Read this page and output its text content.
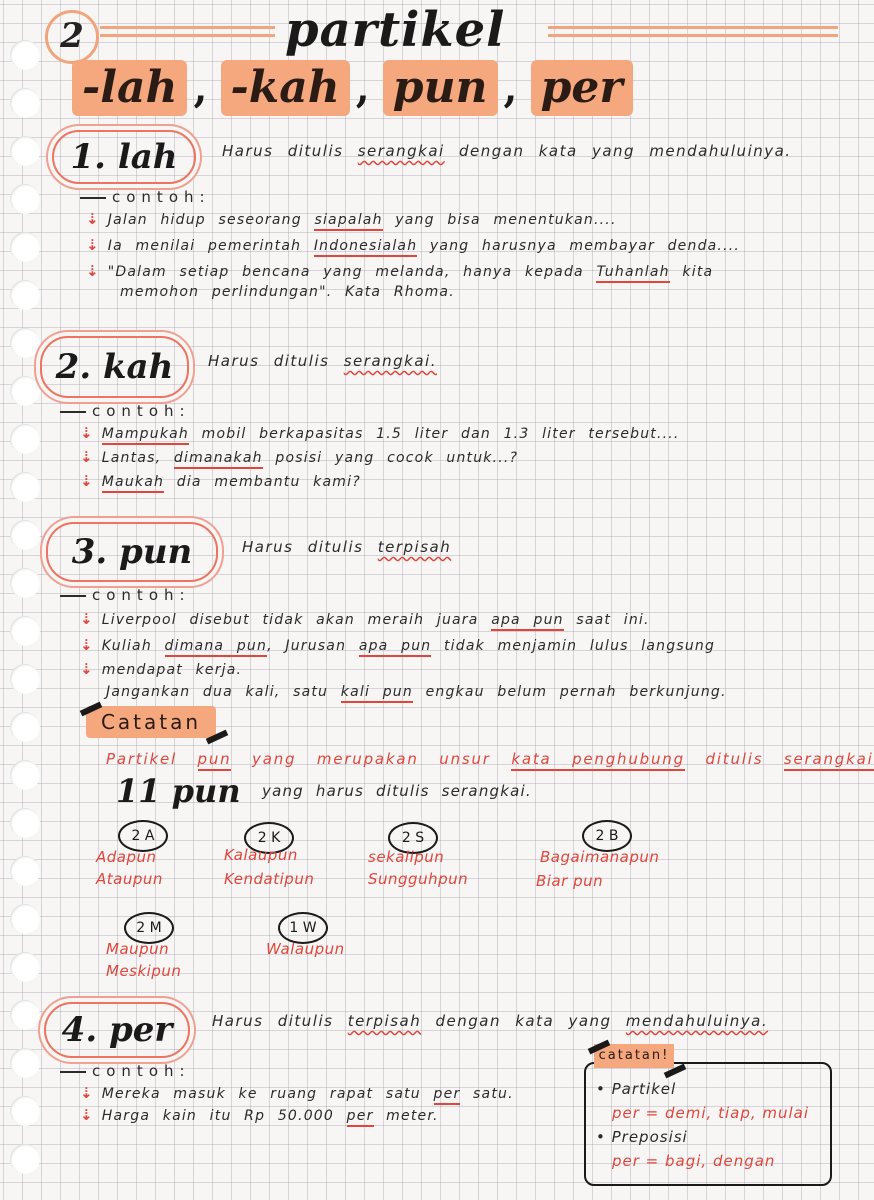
2	partikel
-lah , -kah , pun , per
1. lah	Harus ditulis serangkai dengan kata yang mendahuluinya.
contoh:
⇣ Jalan hidup seseorang siapalah yang bisa menentukan....
⇣ Ia menilai pemerintah Indonesialah yang harusnya membayar denda....
⇣ "Dalam setiap bencana yang melanda, hanya kepada Tuhanlah kita
memohon perlindungan". Kata Rhoma.
2. kah	Harus ditulis serangkai.
contoh:
⇣ Mampukah mobil berkapasitas 1.5 liter dan 1.3 liter tersebut....
⇣ Lantas, dimanakah posisi yang cocok untuk...?
⇣ Maukah dia membantu kami?
3. pun	Harus ditulis terpisah
contoh:
⇣ Liverpool disebut tidak akan meraih juara apa pun saat ini.
⇣ Kuliah dimana pun, Jurusan apa pun tidak menjamin lulus langsung
⇣ mendapat kerja.
Jangankan dua kali, satu kali pun engkau belum pernah berkunjung.
Catatan
Partikel pun yang merupakan unsur kata penghubung ditulis serangkai
11 pun yang harus ditulis serangkai.
2 A
Adapun
Ataupun
2 K
Kalaupun
Kendatipun
2 S
sekalipun
Sungguhpun
2 B
Bagaimanapun
Biar pun
2 M
Maupun
Meskipun
1 W
Walaupun
4. per	Harus ditulis terpisah dengan kata yang mendahuluinya.
contoh:
⇣ Mereka masuk ke ruang rapat satu per satu.
⇣ Harga kain itu Rp 50.000 per meter.
catatan!
• Partikel
per = demi, tiap, mulai
• Preposisi
per = bagi, dengan
